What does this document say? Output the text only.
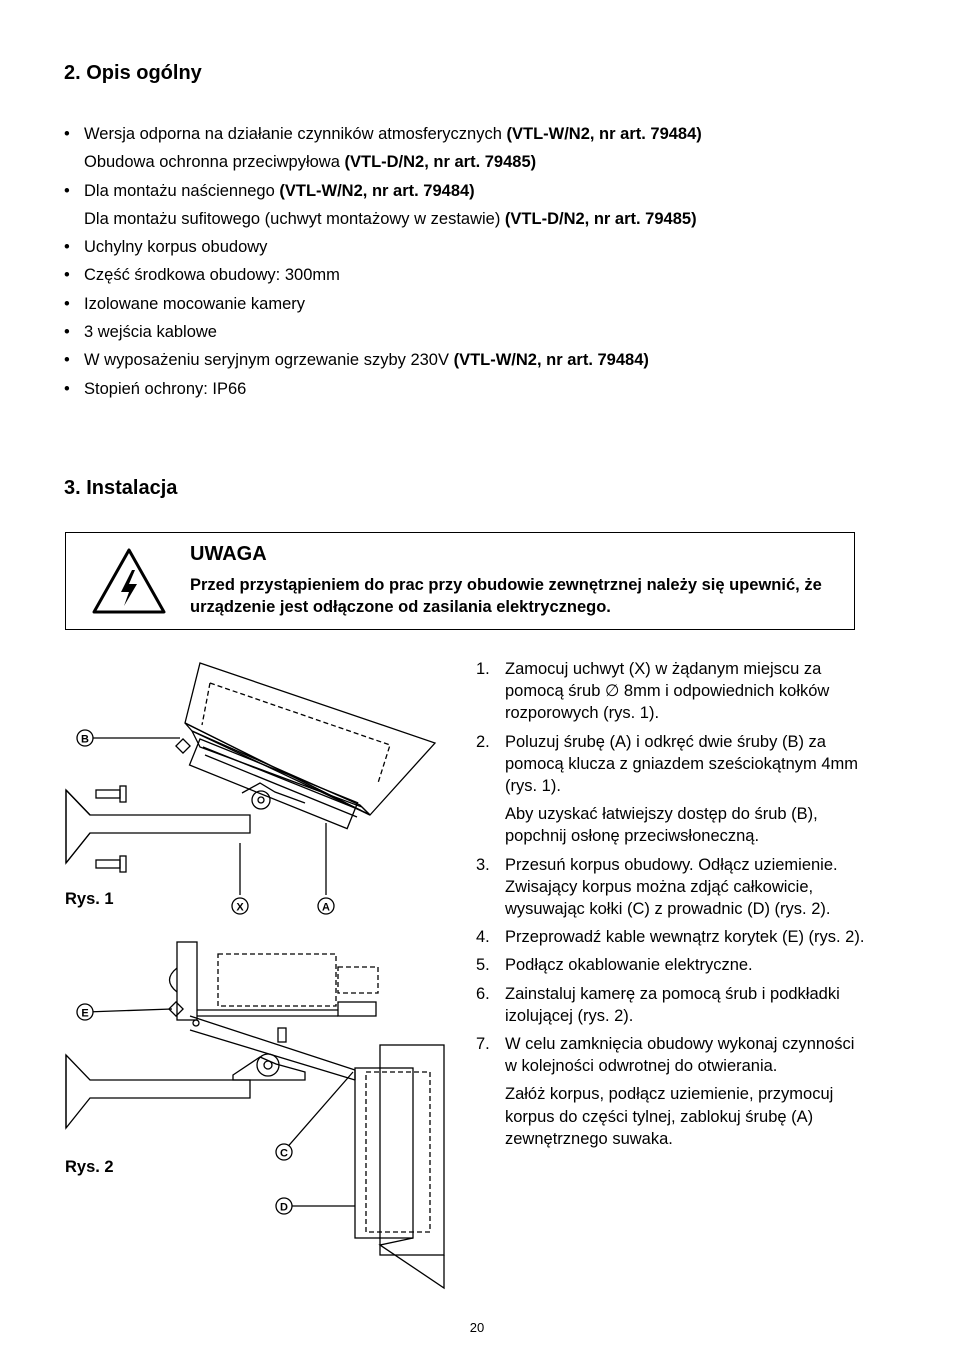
2. Opis ogólny
• Wersja odporna na działanie czynników atmosferycznych (VTL-W/N2, nr art. 79484)
Obudowa ochronna przeciwpyłowa (VTL-D/N2, nr art. 79485)
• Dla montażu naściennego (VTL-W/N2, nr art. 79484)
Dla montażu sufitowego (uchwyt montażowy w zestawie) (VTL-D/N2, nr art. 79485)
• Uchylny korpus obudowy
• Część środkowa obudowy: 300mm
• Izolowane mocowanie kamery
• 3 wejścia kablowe
• W wyposażeniu seryjnym ogrzewanie szyby 230V (VTL-W/N2, nr art. 79484)
• Stopień ochrony: IP66
3. Instalacja
UWAGA
Przed przystąpieniem do prac przy obudowie zewnętrznej należy się upewnić, że urządzenie jest odłączone od zasilania elektrycznego.
B
X	A
Rys. 1
E
C
D
Rys. 2
1. Zamocuj uchwyt (X) w żądanym miejscu za pomocą śrub ∅ 8mm i odpowiednich kołków rozporowych (rys. 1).
2. Poluzuj śrubę (A) i odkręć dwie śruby (B) za pomocą klucza z gniazdem sześciokątnym 4mm (rys. 1).
Aby uzyskać łatwiejszy dostęp do śrub (B), popchnij osłonę przeciwsłoneczną.
3. Przesuń korpus obudowy. Odłącz uziemienie. Zwisający korpus można zdjąć całkowicie, wysuwając kołki (C) z prowadnic (D) (rys. 2).
4. Przeprowadź kable wewnątrz korytek (E) (rys. 2).
5. Podłącz okablowanie elektryczne.
6. Zainstaluj kamerę za pomocą śrub i podkładki izolującej (rys. 2).
7. W celu zamknięcia obudowy wykonaj czynności w kolejności odwrotnej do otwierania.
Załóż korpus, podłącz uziemienie, przymocuj korpus do części tylnej, zablokuj śrubę (A) zewnętrznego suwaka.
20
